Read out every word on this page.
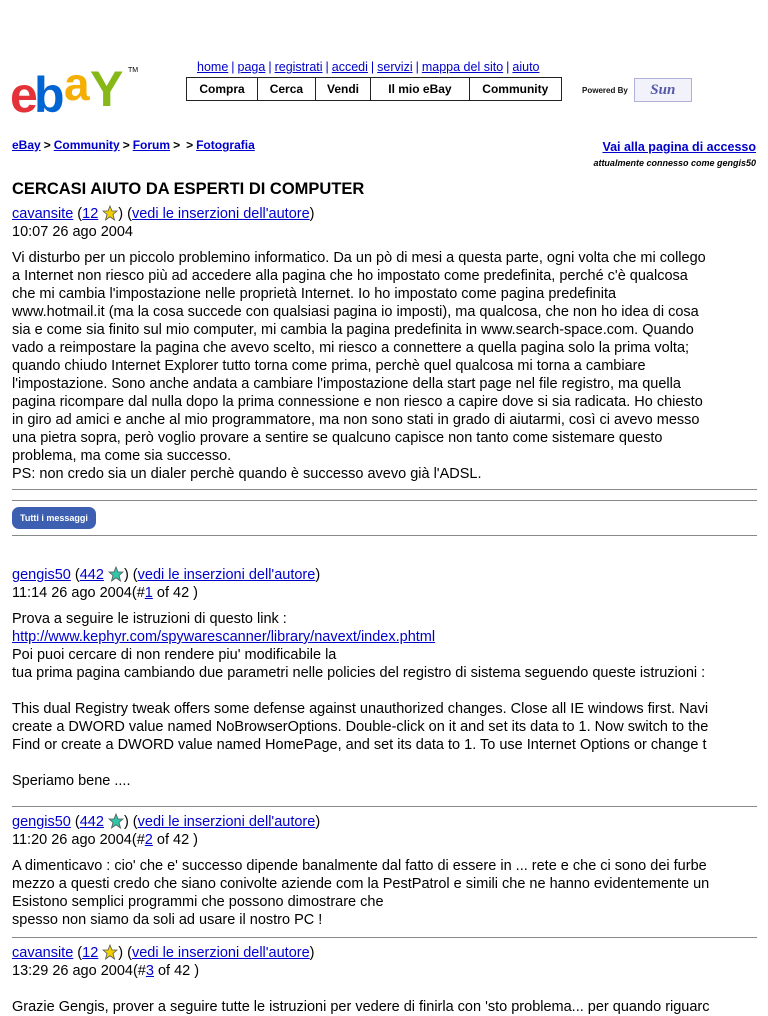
e b a Y	TM	home | paga | registrati | accedi | servizi | mappa del sito | aiuto
Compra	Cerca	Vendi	Il mio eBay	Community	Powered By	Sun
eBay > Community > Forum > > Fotografia	Vai alla pagina di accesso
attualmente connesso come gengis50
CERCASI AIUTO DA ESPERTI DI COMPUTER
cavansite (12 ) (vedi le inserzioni dell'autore)
10:07 26 ago 2004
Vi disturbo per un piccolo problemino informatico. Da un pò di mesi a questa parte, ogni volta che mi collego
a Internet non riesco più ad accedere alla pagina che ho impostato come predefinita, perché c'è qualcosa
che mi cambia l'impostazione nelle proprietà Internet. Io ho impostato come pagina predefinita
www.hotmail.it (ma la cosa succede con qualsiasi pagina io imposti), ma qualcosa, che non ho idea di cosa
sia e come sia finito sul mio computer, mi cambia la pagina predefinita in www.search-space.com. Quando
vado a reimpostare la pagina che avevo scelto, mi riesco a connettere a quella pagina solo la prima volta;
quando chiudo Internet Explorer tutto torna come prima, perchè quel qualcosa mi torna a cambiare
l'impostazione. Sono anche andata a cambiare l'impostazione della start page nel file registro, ma quella
pagina ricompare dal nulla dopo la prima connessione e non riesco a capire dove si sia radicata. Ho chiesto
in giro ad amici e anche al mio programmatore, ma non sono stati in grado di aiutarmi, così ci avevo messo
una pietra sopra, però voglio provare a sentire se qualcuno capisce non tanto come sistemare questo
problema, ma come sia successo.
PS: non credo sia un dialer perchè quando è successo avevo già l'ADSL.
Tutti i messaggi
gengis50 (442 ) (vedi le inserzioni dell'autore)
11:14 26 ago 2004(#1 of 42 )
Prova a seguire le istruzioni di questo link :
http://www.kephyr.com/spywarescanner/library/navext/index.phtml
Poi puoi cercare di non rendere piu' modificabile la
tua prima pagina cambiando due parametri nelle policies del registro di sistema seguendo queste istruzioni :
This dual Registry tweak offers some defense against unauthorized changes. Close all IE windows first. Navi
create a DWORD value named NoBrowserOptions. Double-click on it and set its data to 1. Now switch to the
Find or create a DWORD value named HomePage, and set its data to 1. To use Internet Options or change t
Speriamo bene ....
gengis50 (442 ) (vedi le inserzioni dell'autore)
11:20 26 ago 2004(#2 of 42 )
A dimenticavo : cio' che e' successo dipende banalmente dal fatto di essere in ... rete e che ci sono dei furbe
mezzo a questi credo che siano conivolte aziende com la PestPatrol e simili che ne hanno evidentemente un
Esistono semplici programmi che possono dimostrare che
spesso non siamo da soli ad usare il nostro PC !
cavansite (12 ) (vedi le inserzioni dell'autore)
13:29 26 ago 2004(#3 of 42 )
Grazie Gengis, prover a seguire tutte le istruzioni per vedere di finirla con 'sto problema... per quando riguarc
